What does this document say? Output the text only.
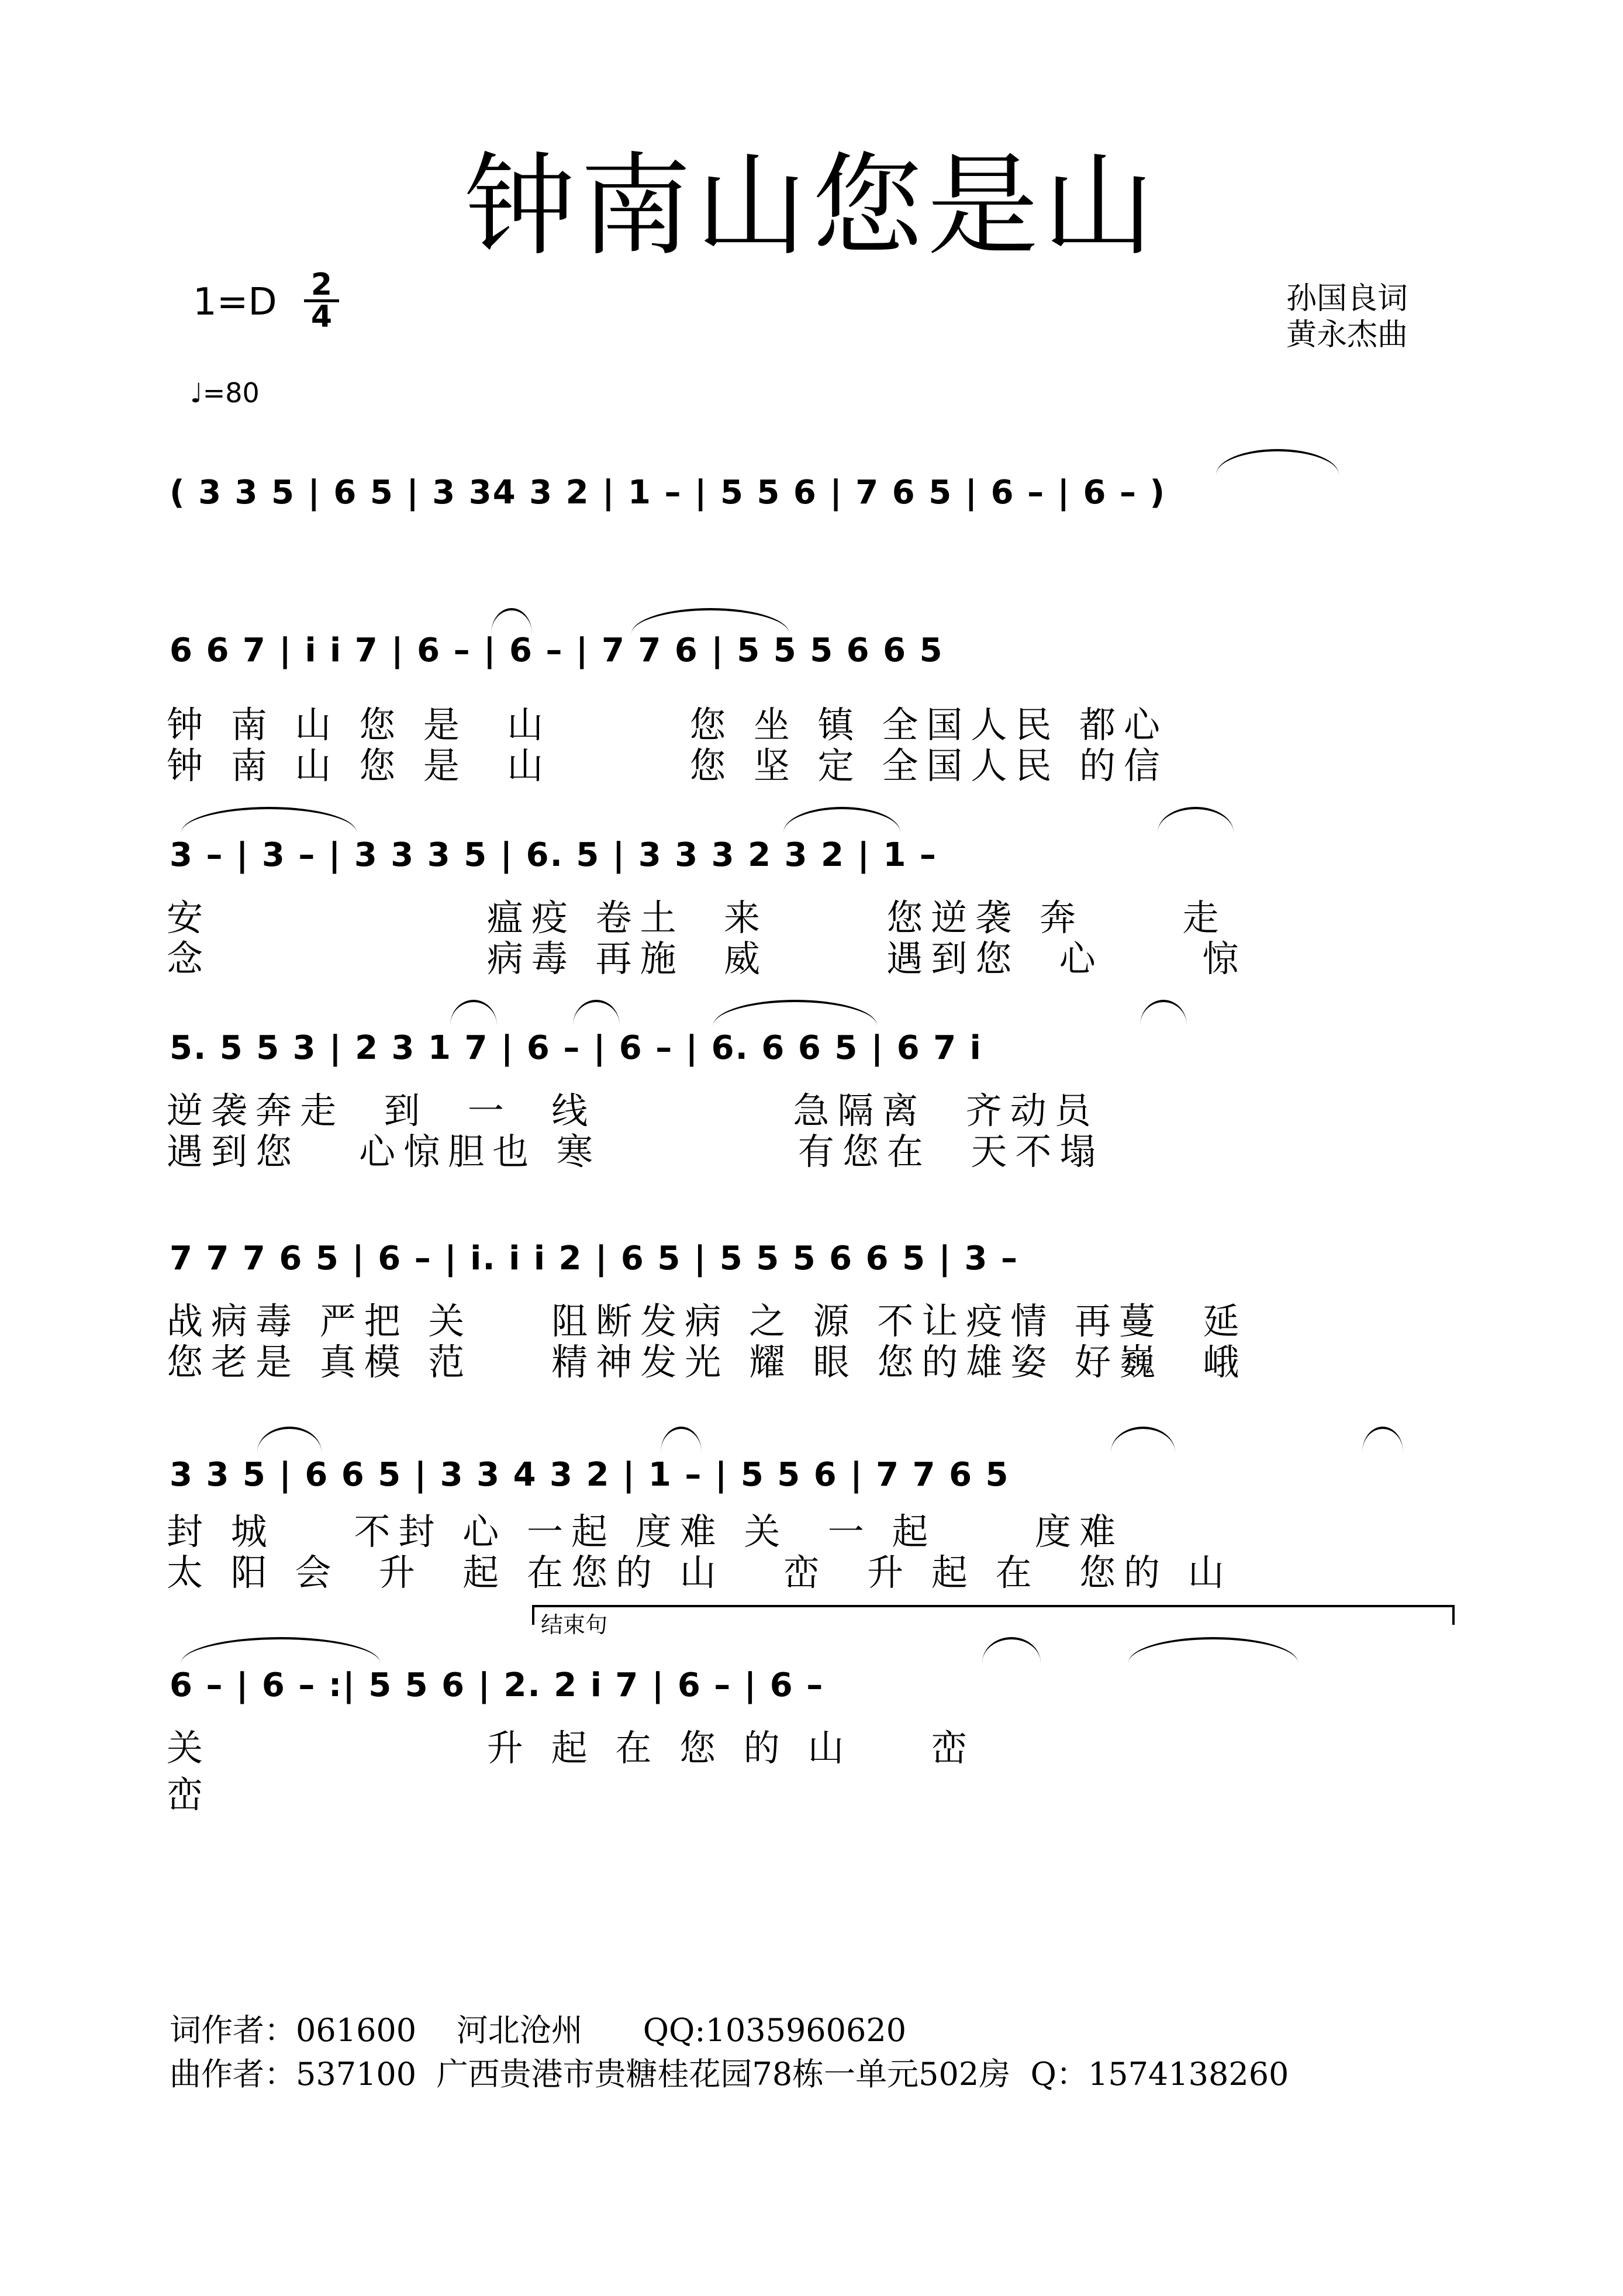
钟南山您是山
1=D 2
4
♩=80
孙国良词
黄永杰曲
( 3 3 5 | 6 5 | 3 34 3 2 | 1 – | 5 5 6 | 7 6 5 | 6 – | 6 – )
6 6 7 | i i 7 | 6 – | 6 – | 7 7 6 | 5 5 5 6 6 5
钟 南 山 您 是  山       您 坐 镇 全国人民 都心
钟 南 山 您 是  山       您 坚 定 全国人民 的信
3 – | 3 – | 3 3 3 5 | 6. 5 | 3 3 3 2 3 2 | 1 –
安              瘟疫 卷土  来      您逆袭 奔     走
念              病毒 再施  威      遇到您  心     惊
5. 5 5 3 | 2 3 1 7 | 6 – | 6 – | 6. 6 6 5 | 6 7 i
逆袭奔走  到  一  线          急隔离  齐动员
遇到您   心惊胆也 寒          有您在  天不塌
7 7 7 6 5 | 6 – | i. i i 2 | 6 5 | 5 5 5 6 6 5 | 3 –
战病毒 严把 关    阻断发病 之 源 不让疫情 再蔓  延
您老是 真模 范    精神发光 耀 眼 您的雄姿 好巍  峨
3 3 5 | 6 6 5 | 3 3 4 3 2 | 1 – | 5 5 6 | 7 7 6 5
封 城    不封 心 一起 度难 关  一 起     度难
太 阳 会  升  起 在您的 山   峦  升 起 在  您的 山
结束句
6 – | 6 – :| 5 5 6 | 2. 2 i 7 | 6 – | 6 –
关              升 起 在 您 的 山    峦
峦
词作者：061600    河北沧州      QQ:1035960620
曲作者：537100  广西贵港市贵糖桂花园78栋一单元502房  Q：1574138260
